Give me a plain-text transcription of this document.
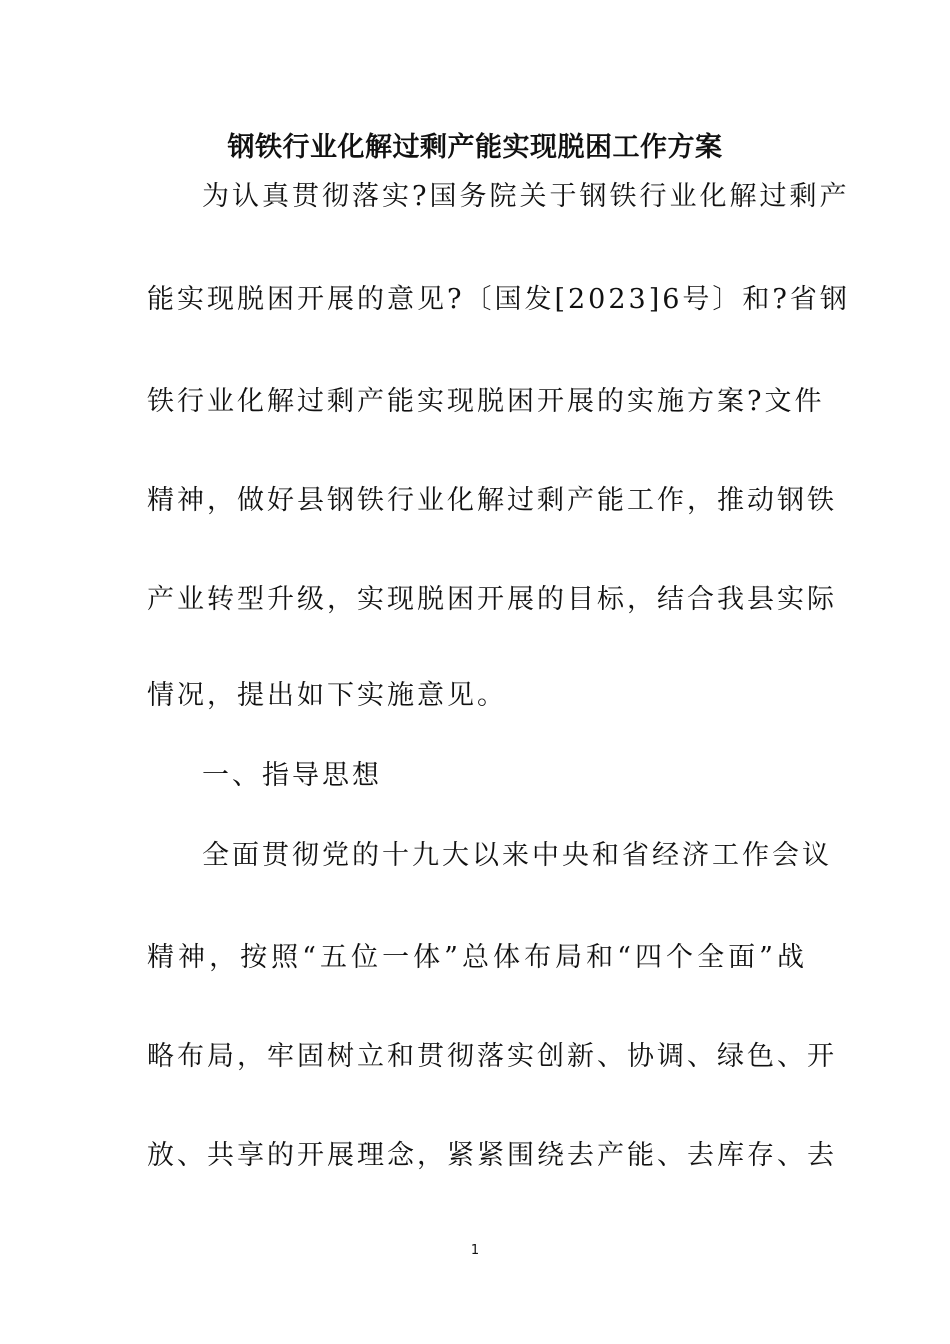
钢铁行业化解过剩产能实现脱困工作方案
为认真贯彻落实?国务院关于钢铁行业化解过剩产
能实现脱困开展的意见?〔国发[2023]6号〕和?省钢
铁行业化解过剩产能实现脱困开展的实施方案?文件
精神，做好县钢铁行业化解过剩产能工作，推动钢铁
产业转型升级，实现脱困开展的目标，结合我县实际
情况，提出如下实施意见。
一、指导思想
全面贯彻党的十九大以来中央和省经济工作会议
精神，按照“五位一体”总体布局和“四个全面”战
略布局，牢固树立和贯彻落实创新、协调、绿色、开
放、共享的开展理念，紧紧围绕去产能、去库存、去
1
